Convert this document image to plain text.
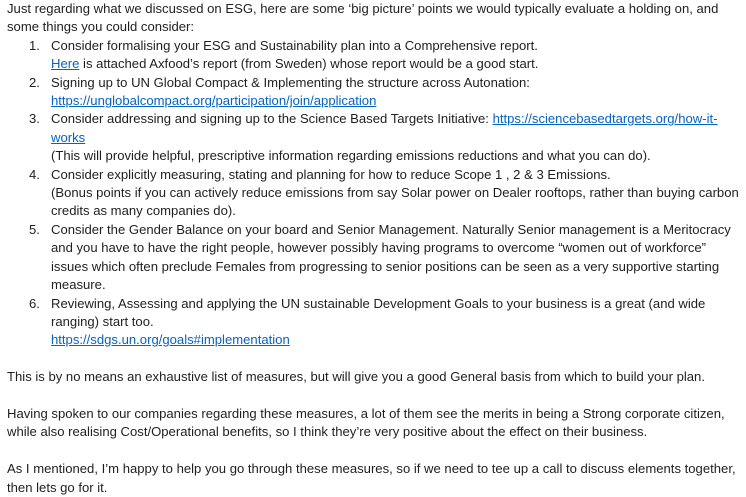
Just regarding what we discussed on ESG, here are some ‘big picture’ points we would typically evaluate a holding on, and some things you could consider:

1. Consider formalising your ESG and Sustainability plan into a Comprehensive report.
Here is attached Axfood’s report (from Sweden) whose report would be a good start.
2. Signing up to UN Global Compact & Implementing the structure across Autonation:
https://unglobalcompact.org/participation/join/application
3. Consider addressing and signing up to the Science Based Targets Initiative: https://sciencebasedtargets.org/how-it-works
(This will provide helpful, prescriptive information regarding emissions reductions and what you can do).
4. Consider explicitly measuring, stating and planning for how to reduce Scope 1 , 2 & 3 Emissions.
(Bonus points if you can actively reduce emissions from say Solar power on Dealer rooftops, rather than buying carbon credits as many companies do).
5. Consider the Gender Balance on your board and Senior Management. Naturally Senior management is a Meritocracy and you have to have the right people, however possibly having programs to overcome “women out of workforce” issues which often preclude Females from progressing to senior positions can be seen as a very supportive starting measure.
6. Reviewing, Assessing and applying the UN sustainable Development Goals to your business is a great (and wide ranging) start too.
https://sdgs.un.org/goals#implementation

This is by no means an exhaustive list of measures, but will give you a good General basis from which to build your plan.

Having spoken to our companies regarding these measures, a lot of them see the merits in being a Strong corporate citizen, while also realising Cost/Operational benefits, so I think they’re very positive about the effect on their business.

As I mentioned, I’m happy to help you go through these measures, so if we need to tee up a call to discuss elements together, then lets go for it.
